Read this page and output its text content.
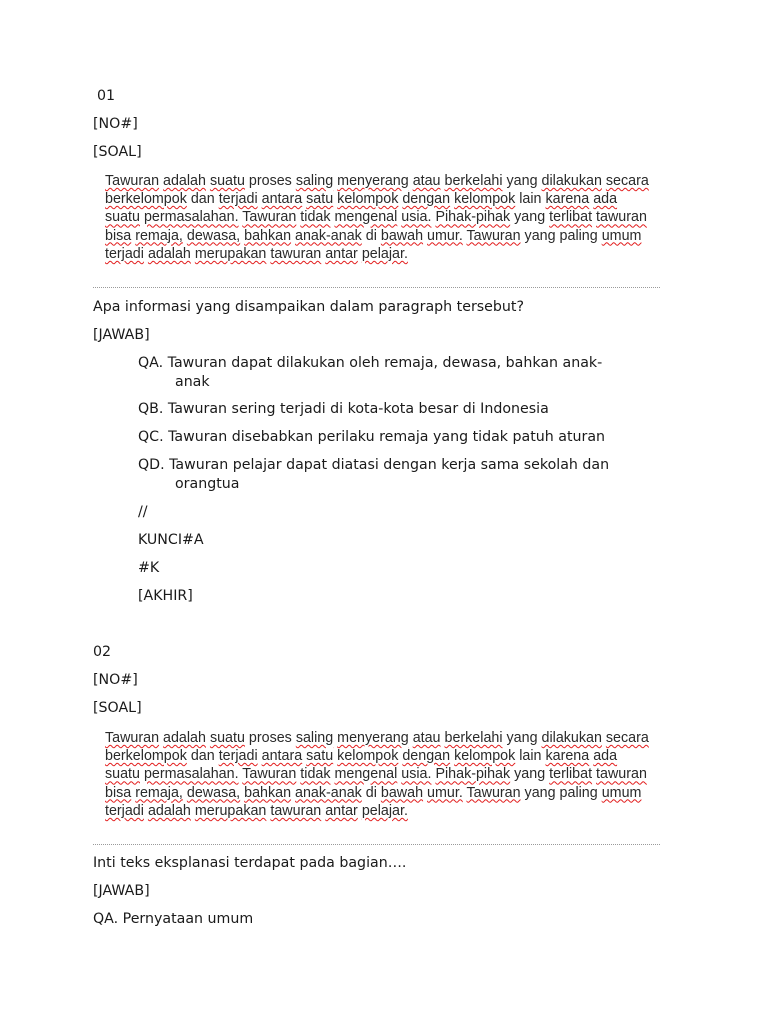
01
[NO#]
[SOAL]

Tawuran adalah suatu proses saling menyerang atau berkelahi yang dilakukan secara berkelompok dan terjadi antara satu kelompok dengan kelompok lain karena ada suatu permasalahan. Tawuran tidak mengenal usia. Pihak-pihak yang terlibat tawuran bisa remaja, dewasa, bahkan anak-anak di bawah umur. Tawuran yang paling umum terjadi adalah merupakan tawuran antar pelajar.

Apa informasi yang disampaikan dalam paragraph tersebut?
[JAWAB]
QA. Tawuran dapat dilakukan oleh remaja, dewasa, bahkan anak-
anak
QB. Tawuran sering terjadi di kota-kota besar di Indonesia
QC. Tawuran disebabkan perilaku remaja yang tidak patuh aturan
QD. Tawuran pelajar dapat diatasi dengan kerja sama sekolah dan
orangtua
//
KUNCI#A
#K
[AKHIR]
02
[NO#]
[SOAL]

Tawuran adalah suatu proses saling menyerang atau berkelahi yang dilakukan secara berkelompok dan terjadi antara satu kelompok dengan kelompok lain karena ada suatu permasalahan. Tawuran tidak mengenal usia. Pihak-pihak yang terlibat tawuran bisa remaja, dewasa, bahkan anak-anak di bawah umur. Tawuran yang paling umum terjadi adalah merupakan tawuran antar pelajar.

Inti teks eksplanasi terdapat pada bagian….
[JAWAB]
QA. Pernyataan umum
